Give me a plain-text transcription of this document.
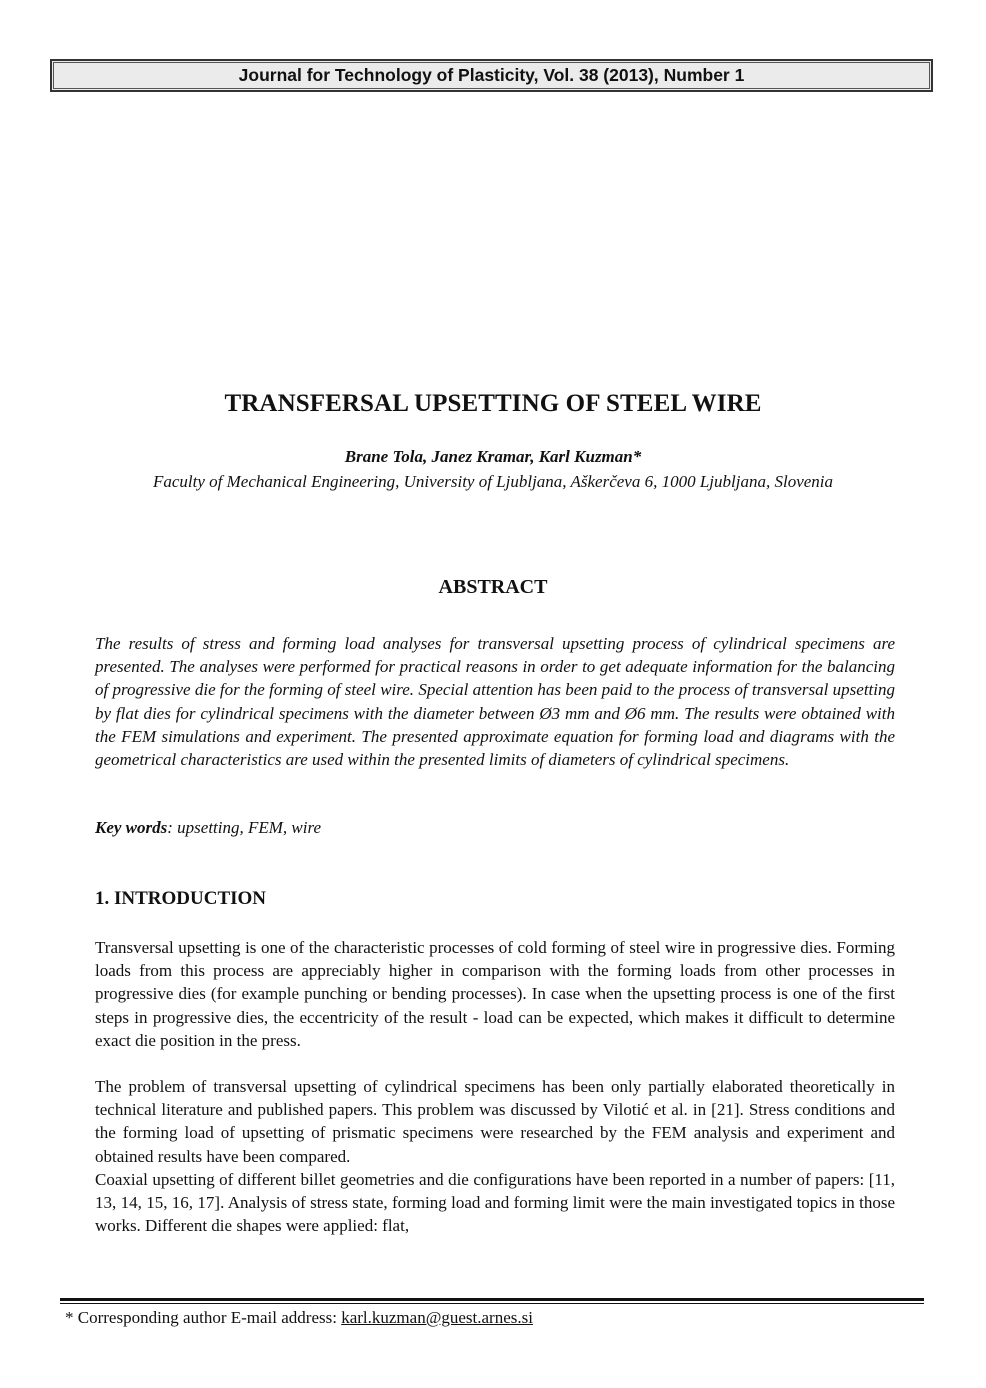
Journal for Technology of Plasticity, Vol. 38 (2013), Number 1
TRANSFERSAL UPSETTING OF STEEL WIRE
Brane Tola, Janez Kramar, Karl Kuzman*
Faculty of Mechanical Engineering, University of Ljubljana, Aškerčeva 6, 1000 Ljubljana, Slovenia
ABSTRACT

The results of stress and forming load analyses for transversal upsetting process of cylindrical specimens are presented. The analyses were performed for practical reasons in order to get adequate information for the balancing of progressive die for the forming of steel wire. Special attention has been paid to the process of transversal upsetting by flat dies for cylindrical specimens with the diameter between Ø3 mm and Ø6 mm. The results were obtained with the FEM simulations and experiment. The presented approximate equation for forming load and diagrams with the geometrical characteristics are used within the presented limits of diameters of cylindrical specimens.

Key words: upsetting, FEM, wire
1. INTRODUCTION

Transversal upsetting is one of the characteristic processes of cold forming of steel wire in progressive dies. Forming loads from this process are appreciably higher in comparison with the forming loads from other processes in progressive dies (for example punching or bending processes). In case when the upsetting process is one of the first steps in progressive dies, the eccentricity of the result - load can be expected, which makes it difficult to determine exact die position in the press.

The problem of transversal upsetting of cylindrical specimens has been only partially elaborated theoretically in technical literature and published papers. This problem was discussed by Vilotić et al. in [21]. Stress conditions and the forming load of upsetting of prismatic specimens were researched by the FEM analysis and experiment and obtained results have been compared.

Coaxial upsetting of different billet geometries and die configurations have been reported in a number of papers: [11, 13, 14, 15, 16, 17]. Analysis of stress state, forming load and forming limit were the main investigated topics in those works. Different die shapes were applied: flat,

* Corresponding author E-mail address: karl.kuzman@guest.arnes.si
